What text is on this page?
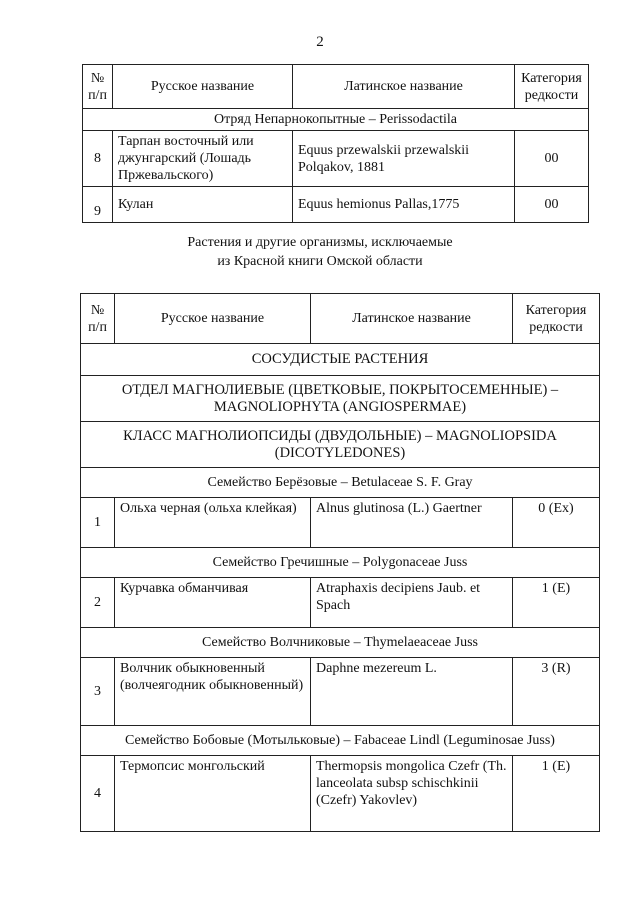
2
№ п/п	Русское название	Латинское название	Категория редкости
Отряд Непарнокопытные – Perissodactila			
8	Тарпан восточный или джунгарский (Лошадь Пржевальского)	Equus przewalskii przewalskii Polqakov, 1881	00
9	Кулан	Equus hemionus Pallas,1775	00
Растения и другие организмы, исключаемые
из Красной книги Омской области
№ п/п	Русское название	Латинское название	Категория редкости
СОСУДИСТЫЕ РАСТЕНИЯ			
ОТДЕЛ МАГНОЛИЕВЫЕ (ЦВЕТКОВЫЕ, ПОКРЫТОСЕМЕННЫЕ) – MAGNOLIOPHYTA (ANGIOSPERMAE)			
КЛАСС МАГНОЛИОПСИДЫ (ДВУДОЛЬНЫЕ) – MAGNOLIOPSIDA (DICOTYLEDONES)			
Семейство Берёзовые – Betulaceae S. F. Gray			
1	Ольха черная (ольха клейкая)	Alnus glutinosa (L.) Gaertner	0 (Ex)
Семейство Гречишные – Polygonaceae Juss			
2	Курчавка обманчивая	Atraphaxis decipiens Jaub. et Spach	1 (E)
Семейство Волчниковые – Thymelaeaceae Juss			
3	Волчник обыкновенный (волчеягодник обыкновенный)	Daphne mezereum L.	3 (R)
Семейство Бобовые (Мотыльковые) – Fabaceae Lindl (Leguminosae Juss)			
4	Термопсис монгольский	Thermopsis mongolica Czefr (Th. lanceolata subsp schischkinii (Czefr) Yakovlev)	1 (E)
